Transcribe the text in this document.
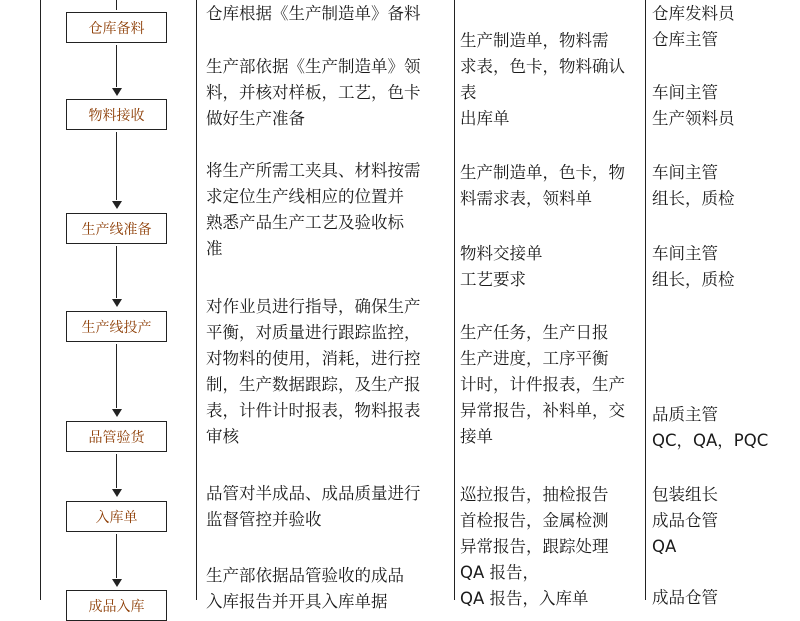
仓库备料
物料接收
生产线准备
生产线投产
品管验货
入库单
成品入库
仓库根据《生产制造单》备料
生产部依据《生产制造单》领
料，并核对样板，工艺，色卡
做好生产准备
将生产所需工夹具、材料按需
求定位生产线相应的位置并
熟悉产品生产工艺及验收标
准
对作业员进行指导，确保生产
平衡，对质量进行跟踪监控，
对物料的使用，消耗，进行控
制，生产数据跟踪，及生产报
表，计件计时报表，物料报表
审核
品管对半成品、成品质量进行
监督管控并验收
生产部依据品管验收的成品
入库报告并开具入库单据
生产制造单，物料需
求表，色卡，物料确认
表
出库单
生产制造单，色卡，物
料需求表，领料单
物料交接单
工艺要求
生产任务，生产日报
生产进度，工序平衡
计时，计件报表，生产
异常报告，补料单，交
接单
巡拉报告，抽检报告
首检报告，金属检测
异常报告，跟踪处理
QA 报告，
QA 报告，入库单
仓库发料员
仓库主管
车间主管
生产领料员
车间主管
组长，质检
车间主管
组长，质检
品质主管
QC，QA，PQC
包装组长
成品仓管
QA
成品仓管
